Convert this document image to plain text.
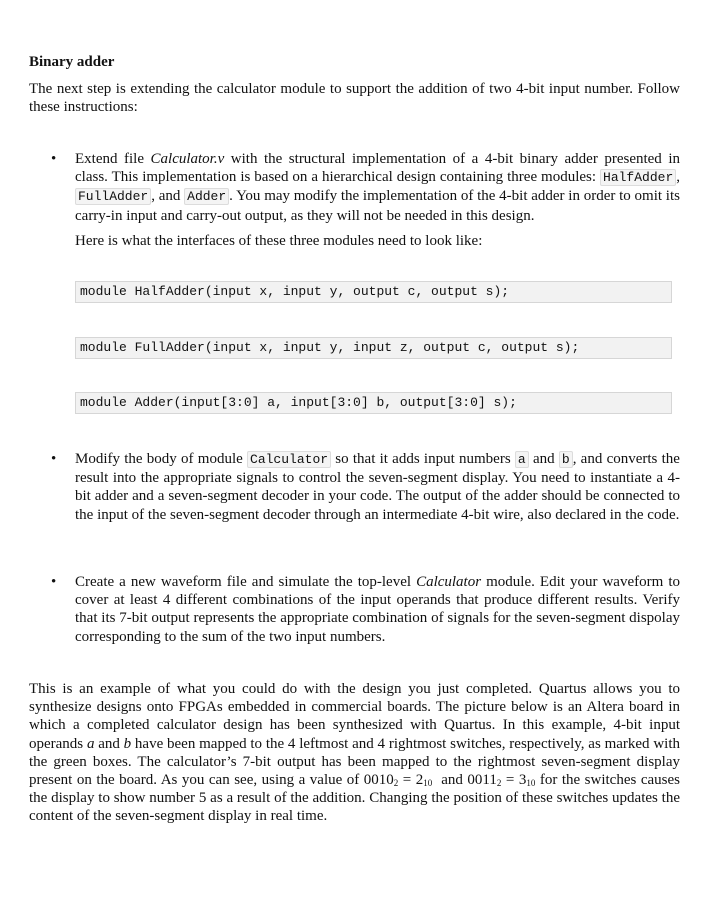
Binary adder

The next step is extending the calculator module to support the addition of two 4-bit input number. Follow these instructions:

• Extend file Calculator.v with the structural implementation of a 4-bit binary adder presented in class. This implementation is based on a hierarchical design containing three modules: HalfAdder , FullAdder , and Adder . You may modify the implementation of the 4-bit adder in order to omit its carry-in input and carry-out output, as they will not be needed in this design.

Here is what the interfaces of these three modules need to look like:

module HalfAdder(input x, input y, output c, output s);
module FullAdder(input x, input y, input z, output c, output s);
module Adder(input[3:0] a, input[3:0] b, output[3:0] s);
• Modify the body of module Calculator so that it adds input numbers a and b , and converts the result into the appropriate signals to control the seven-segment display. You need to instantiate a 4-bit adder and a seven-segment decoder in your code. The output of the adder should be connected to the input of the seven-segment decoder through an intermediate 4-bit wire, also declared in the code.

• Create a new waveform file and simulate the top-level Calculator module. Edit your waveform to cover at least 4 different combinations of the input operands that produce different results. Verify that its 7-bit output represents the appropriate combination of signals for the seven-segment dispolay corresponding to the sum of the two input numbers.

This is an example of what you could do with the design you just completed. Quartus allows you to synthesize designs onto FPGAs embedded in commercial boards. The picture below is an Altera board in which a completed calculator design has been synthesized with Quartus. In this example, 4-bit input operands a and b have been mapped to the 4 leftmost and 4 rightmost switches, respectively, as marked with the green boxes. The calculator’s 7-bit output has been mapped to the rightmost seven-segment display present on the board. As you can see, using a value of $0010_2 = 2_{10}$  and $0011_2 = 3_{10}$ for the switches causes the display to show number 5 as a result of the addition. Changing the position of these switches updates the content of the seven-segment display in real time.
